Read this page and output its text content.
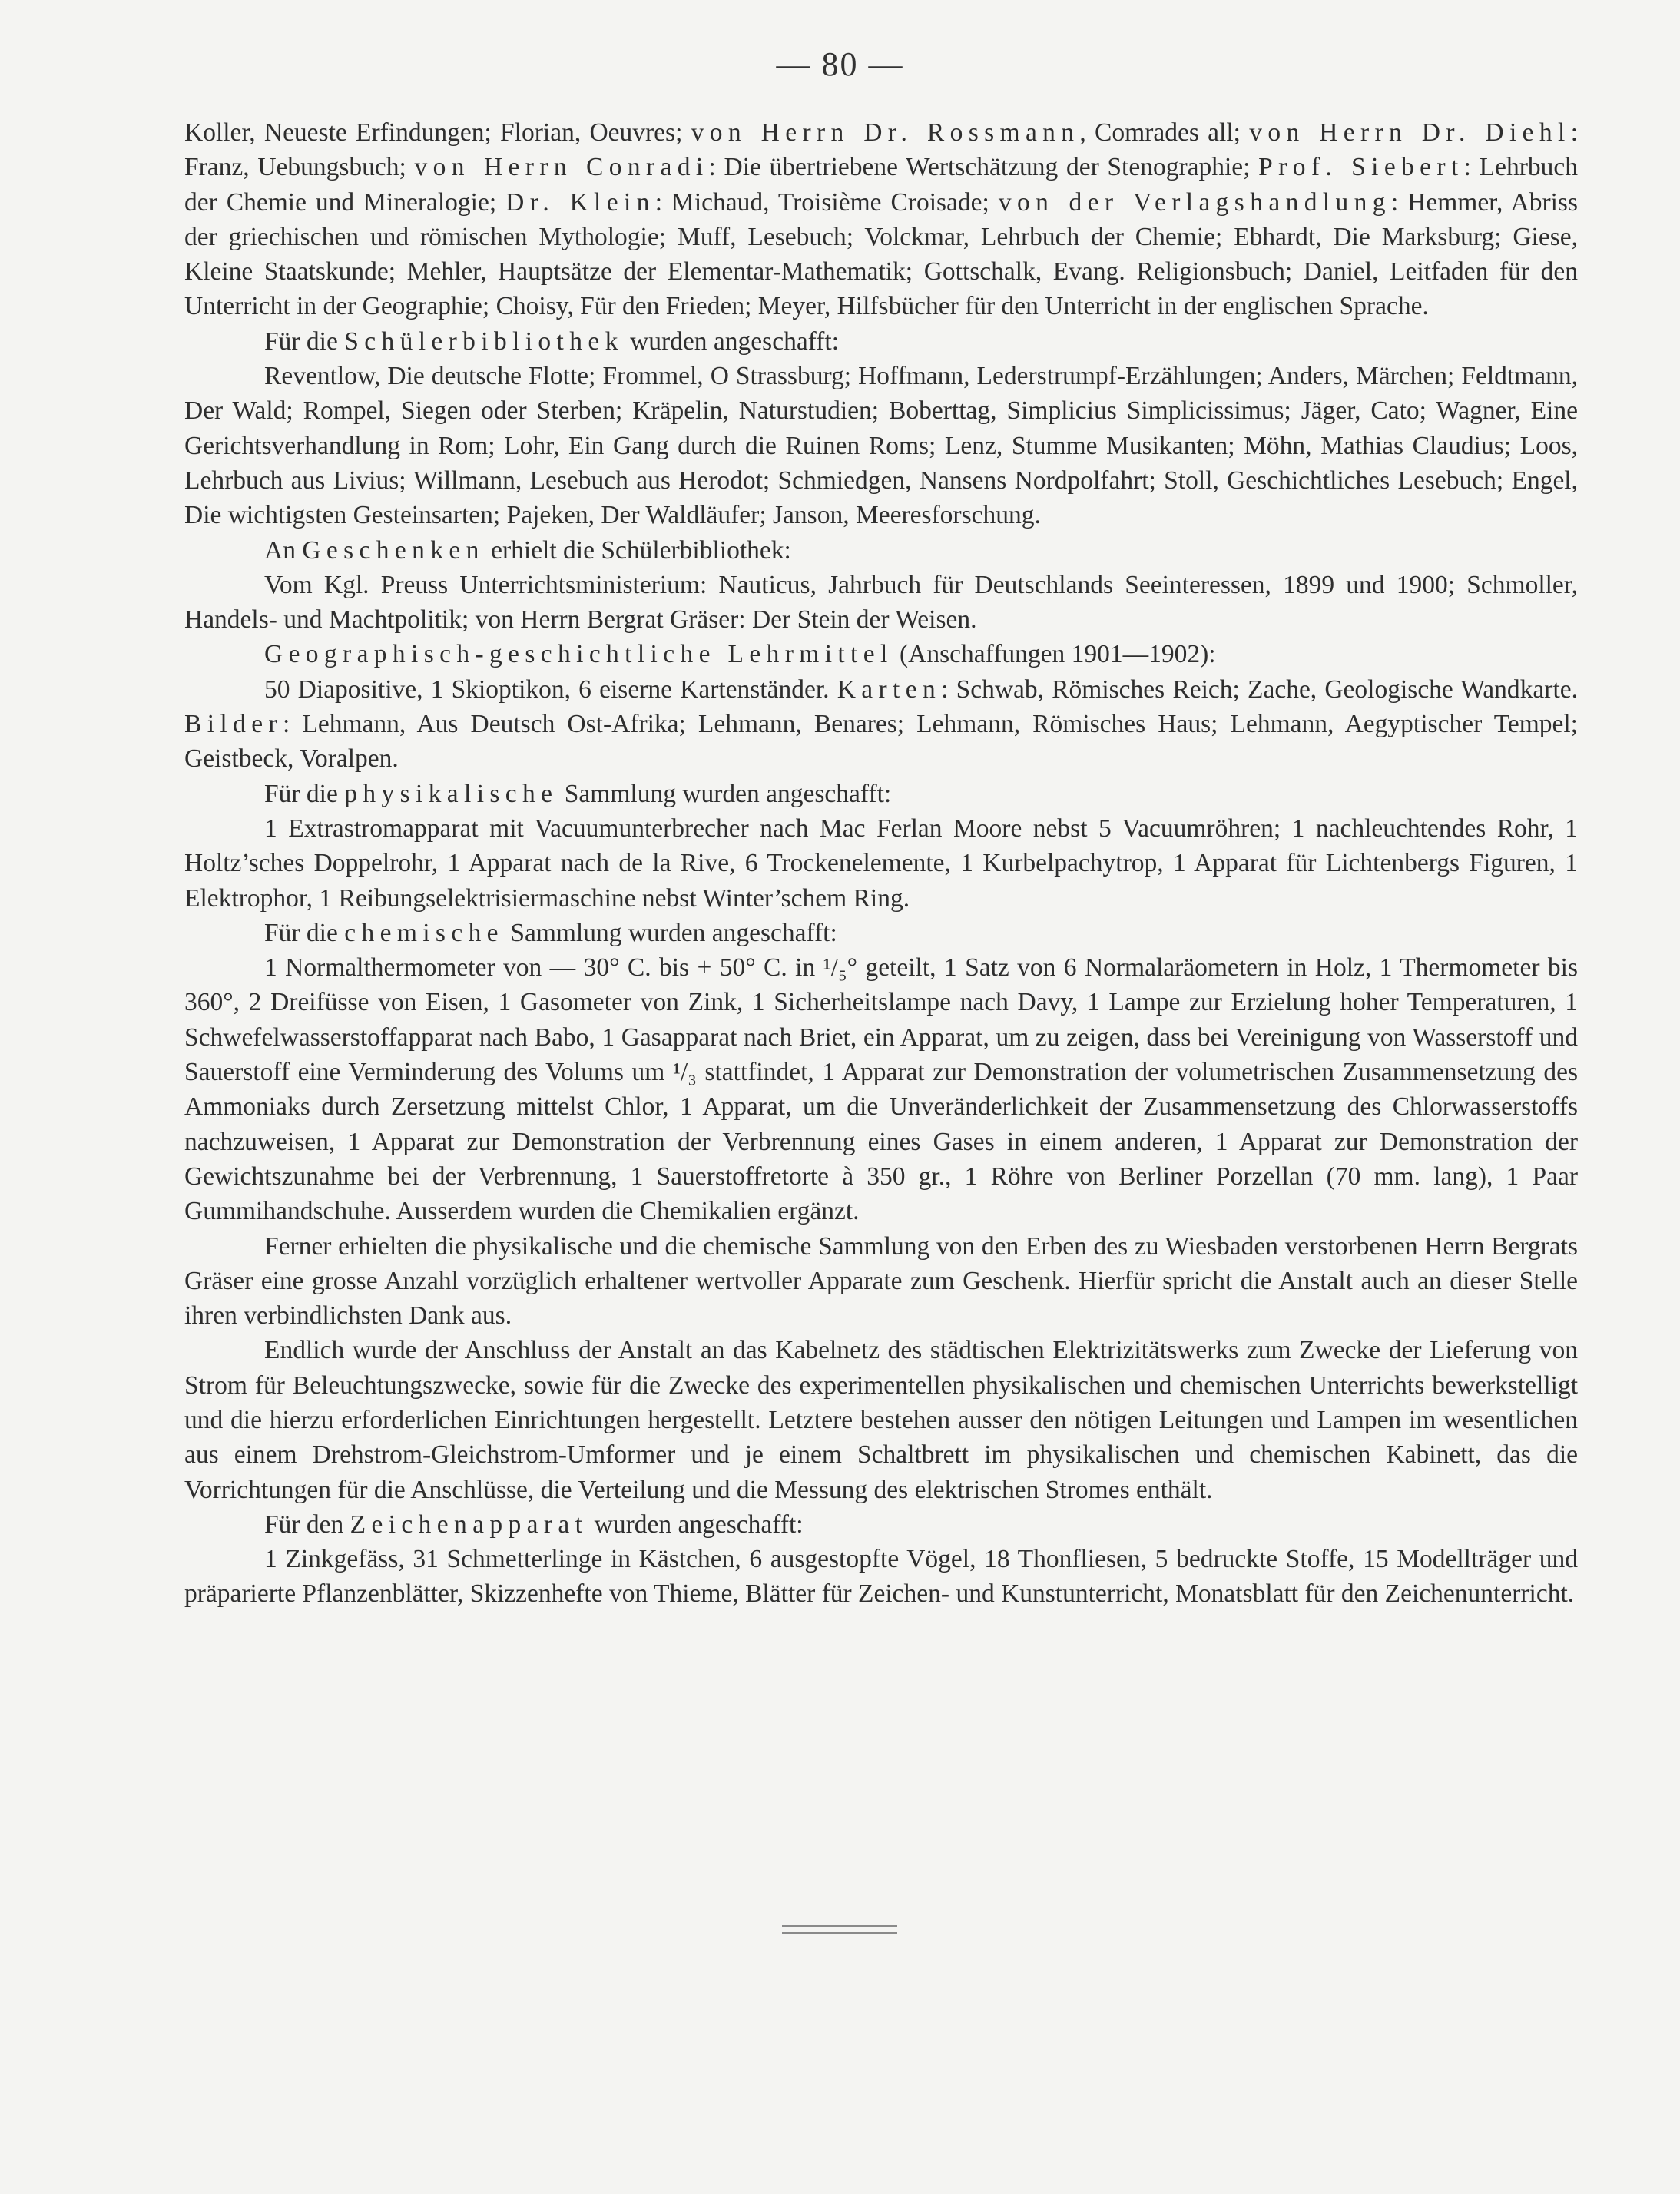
— 80 —

Koller, Neueste Erfindungen; Florian, Oeuvres; von Herrn Dr. Rossmann, Comrades all; von Herrn Dr. Diehl: Franz, Uebungsbuch; von Herrn Conradi: Die übertriebene Wertschätzung der Stenographie; Prof. Siebert: Lehrbuch der Chemie und Mineralogie; Dr. Klein: Michaud, Troisième Croisade; von der Verlagshandlung: Hemmer, Abriss der griechischen und römischen Mythologie; Muff, Lesebuch; Volckmar, Lehrbuch der Chemie; Ebhardt, Die Marksburg; Giese, Kleine Staatskunde; Mehler, Hauptsätze der Elementar-Mathematik; Gottschalk, Evang. Religionsbuch; Daniel, Leitfaden für den Unterricht in der Geographie; Choisy, Für den Frieden; Meyer, Hilfsbücher für den Unterricht in der englischen Sprache.

Für die Schülerbibliothek wurden angeschafft:

Reventlow, Die deutsche Flotte; Frommel, O Strassburg; Hoffmann, Lederstrumpf-Erzählungen; Anders, Märchen; Feldtmann, Der Wald; Rompel, Siegen oder Sterben; Kräpelin, Naturstudien; Boberttag, Simplicius Simplicissimus; Jäger, Cato; Wagner, Eine Gerichtsverhandlung in Rom; Lohr, Ein Gang durch die Ruinen Roms; Lenz, Stumme Musikanten; Möhn, Mathias Claudius; Loos, Lehrbuch aus Livius; Willmann, Lesebuch aus Herodot; Schmiedgen, Nansens Nordpolfahrt; Stoll, Geschichtliches Lesebuch; Engel, Die wichtigsten Gesteinsarten; Pajeken, Der Waldläufer; Janson, Meeresforschung.

An Geschenken erhielt die Schülerbibliothek:

Vom Kgl. Preuss Unterrichtsministerium: Nauticus, Jahrbuch für Deutschlands Seeinteressen, 1899 und 1900; Schmoller, Handels- und Machtpolitik; von Herrn Bergrat Gräser: Der Stein der Weisen.

Geographisch-geschichtliche Lehrmittel (Anschaffungen 1901—1902):

50 Diapositive, 1 Skioptikon, 6 eiserne Kartenständer. Karten: Schwab, Römisches Reich; Zache, Geologische Wandkarte. Bilder: Lehmann, Aus Deutsch Ost-Afrika; Lehmann, Benares; Lehmann, Römisches Haus; Lehmann, Aegyptischer Tempel; Geistbeck, Voralpen.

Für die physikalische Sammlung wurden angeschafft:

1 Extrastromapparat mit Vacuumunterbrecher nach Mac Ferlan Moore nebst 5 Vacuumröhren; 1 nachleuchtendes Rohr, 1 Holtz’sches Doppelrohr, 1 Apparat nach de la Rive, 6 Trockenelemente, 1 Kurbelpachytrop, 1 Apparat für Lichtenbergs Figuren, 1 Elektrophor, 1 Reibungselektrisiermaschine nebst Winter’schem Ring.

Für die chemische Sammlung wurden angeschafft:

1 Normalthermometer von — 30° C. bis + 50° C. in ¹/₅° geteilt, 1 Satz von 6 Normalaräometern in Holz, 1 Thermometer bis 360°, 2 Dreifüsse von Eisen, 1 Gasometer von Zink, 1 Sicherheitslampe nach Davy, 1 Lampe zur Erzielung hoher Temperaturen, 1 Schwefelwasserstoffapparat nach Babo, 1 Gasapparat nach Briet, ein Apparat, um zu zeigen, dass bei Vereinigung von Wasserstoff und Sauerstoff eine Verminderung des Volums um ¹/₃ stattfindet, 1 Apparat zur Demonstration der volumetrischen Zusammensetzung des Ammoniaks durch Zersetzung mittelst Chlor, 1 Apparat, um die Unveränderlichkeit der Zusammensetzung des Chlorwasserstoffs nachzuweisen, 1 Apparat zur Demonstration der Verbrennung eines Gases in einem anderen, 1 Apparat zur Demonstration der Gewichtszunahme bei der Verbrennung, 1 Sauerstoffretorte à 350 gr., 1 Röhre von Berliner Porzellan (70 mm. lang), 1 Paar Gummihandschuhe. Ausserdem wurden die Chemikalien ergänzt.

Ferner erhielten die physikalische und die chemische Sammlung von den Erben des zu Wiesbaden verstorbenen Herrn Bergrats Gräser eine grosse Anzahl vorzüglich erhaltener wertvoller Apparate zum Geschenk. Hierfür spricht die Anstalt auch an dieser Stelle ihren verbindlichsten Dank aus.

Endlich wurde der Anschluss der Anstalt an das Kabelnetz des städtischen Elektrizitätswerks zum Zwecke der Lieferung von Strom für Beleuchtungszwecke, sowie für die Zwecke des experimentellen physikalischen und chemischen Unterrichts bewerkstelligt und die hierzu erforderlichen Einrichtungen hergestellt. Letztere bestehen ausser den nötigen Leitungen und Lampen im wesentlichen aus einem Drehstrom-Gleichstrom-Umformer und je einem Schaltbrett im physikalischen und chemischen Kabinett, das die Vorrichtungen für die Anschlüsse, die Verteilung und die Messung des elektrischen Stromes enthält.

Für den Zeichenapparat wurden angeschafft:

1 Zinkgefäss, 31 Schmetterlinge in Kästchen, 6 ausgestopfte Vögel, 18 Thonfliesen, 5 bedruckte Stoffe, 15 Modellträger und präparierte Pflanzenblätter, Skizzenhefte von Thieme, Blätter für Zeichen- und Kunstunterricht, Monatsblatt für den Zeichenunterricht.
